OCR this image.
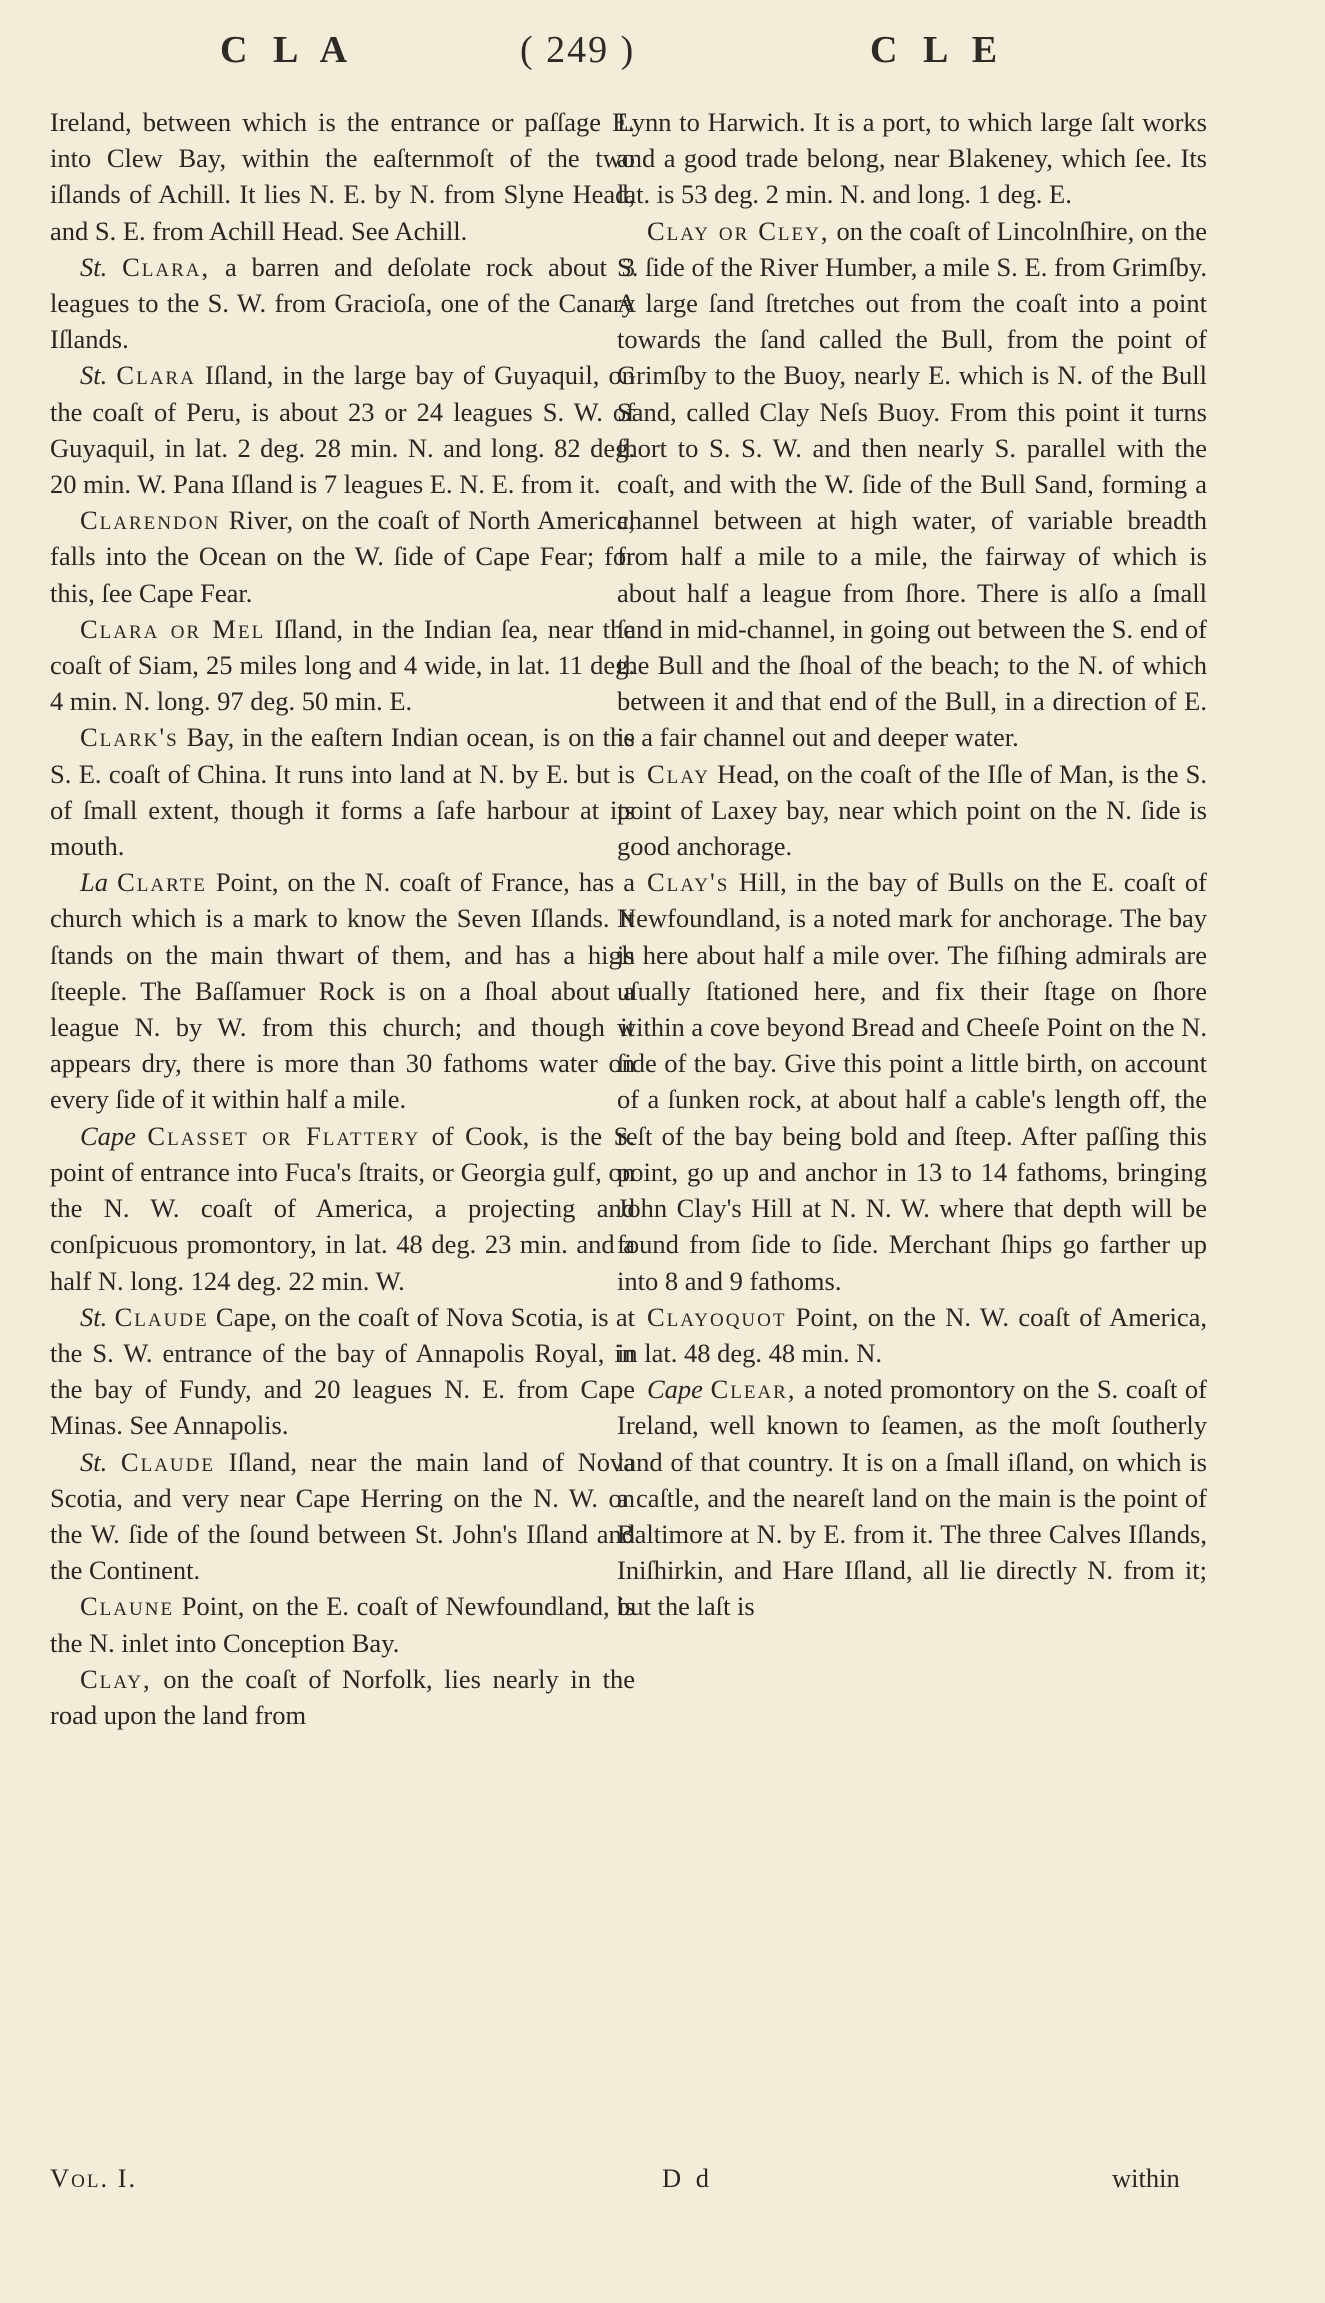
C L A	( 249 )	C L E

Ireland, between which is the entrance or paſſage E. into Clew Bay, within the eaſternmoſt of the two iſlands of Achill. It lies N. E. by N. from Slyne Head, and S. E. from Achill Head. See Achill.

St. Clara, a barren and deſolate rock about 3 leagues to the S. W. from Gracioſa, one of the Canary Iſlands.

St. Clara Iſland, in the large bay of Guyaquil, on the coaſt of Peru, is about 23 or 24 leagues S. W. of Guyaquil, in lat. 2 deg. 28 min. N. and long. 82 deg. 20 min. W. Pana Iſland is 7 leagues E. N. E. from it.

Clarendon River, on the coaſt of North America, falls into the Ocean on the W. ſide of Cape Fear; for this, ſee Cape Fear.

Clara or Mel Iſland, in the Indian ſea, near the coaſt of Siam, 25 miles long and 4 wide, in lat. 11 deg. 4 min. N. long. 97 deg. 50 min. E.

Clark's Bay, in the eaſtern Indian ocean, is on the S. E. coaſt of China. It runs into land at N. by E. but is of ſmall extent, though it forms a ſafe harbour at its mouth.

La Clarte Point, on the N. coaſt of France, has a church which is a mark to know the Seven Iſlands. It ſtands on the main thwart of them, and has a high ſteeple. The Baſſamuer Rock is on a ſhoal about a league N. by W. from this church; and though it appears dry, there is more than 30 fathoms water on every ſide of it within half a mile.

Cape Classet or Flattery of Cook, is the S. point of entrance into Fuca's ſtraits, or Georgia gulf, on the N. W. coaſt of America, a projecting and conſpicuous promontory, in lat. 48 deg. 23 min. and a half N. long. 124 deg. 22 min. W.

St. Claude Cape, on the coaſt of Nova Scotia, is at the S. W. entrance of the bay of Annapolis Royal, in the bay of Fundy, and 20 leagues N. E. from Cape Minas. See Annapolis.

St. Claude Iſland, near the main land of Nova Scotia, and very near Cape Herring on the N. W. on the W. ſide of the ſound between St. John's Iſland and the Continent.

Claune Point, on the E. coaſt of Newfoundland, is the N. inlet into Conception Bay.

Clay, on the coaſt of Norfolk, lies nearly in the road upon the land from

Lynn to Harwich. It is a port, to which large ſalt works and a good trade belong, near Blakeney, which ſee. Its lat. is 53 deg. 2 min. N. and long. 1 deg. E.

Clay or Cley, on the coaſt of Lincolnſhire, on the S. ſide of the River Humber, a mile S. E. from Grimſby. A large ſand ſtretches out from the coaſt into a point towards the ſand called the Bull, from the point of Grimſby to the Buoy, nearly E. which is N. of the Bull Sand, called Clay Neſs Buoy. From this point it turns ſhort to S. S. W. and then nearly S. parallel with the coaſt, and with the W. ſide of the Bull Sand, forming a channel between at high water, of variable breadth from half a mile to a mile, the fairway of which is about half a league from ſhore. There is alſo a ſmall ſand in mid-channel, in going out between the S. end of the Bull and the ſhoal of the beach; to the N. of which between it and that end of the Bull, in a direction of E. is a fair channel out and deeper water.

Clay Head, on the coaſt of the Iſle of Man, is the S. point of Laxey bay, near which point on the N. ſide is good anchorage.

Clay's Hill, in the bay of Bulls on the E. coaſt of Newfoundland, is a noted mark for anchorage. The bay is here about half a mile over. The fiſhing admirals are uſually ſtationed here, and fix their ſtage on ſhore within a cove beyond Bread and Cheeſe Point on the N. ſide of the bay. Give this point a little birth, on account of a ſunken rock, at about half a cable's length off, the reſt of the bay being bold and ſteep. After paſſing this point, go up and anchor in 13 to 14 fathoms, bringing John Clay's Hill at N. N. W. where that depth will be found from ſide to ſide. Merchant ſhips go farther up into 8 and 9 fathoms.

Clayoquot Point, on the N. W. coaſt of America, in lat. 48 deg. 48 min. N.

Cape Clear, a noted promontory on the S. coaſt of Ireland, well known to ſeamen, as the moſt ſoutherly land of that country. It is on a ſmall iſland, on which is a caſtle, and the neareſt land on the main is the point of Baltimore at N. by E. from it. The three Calves Iſlands, Iniſhirkin, and Hare Iſland, all lie directly N. from it; but the laſt is

Vol. I.	D d	within
